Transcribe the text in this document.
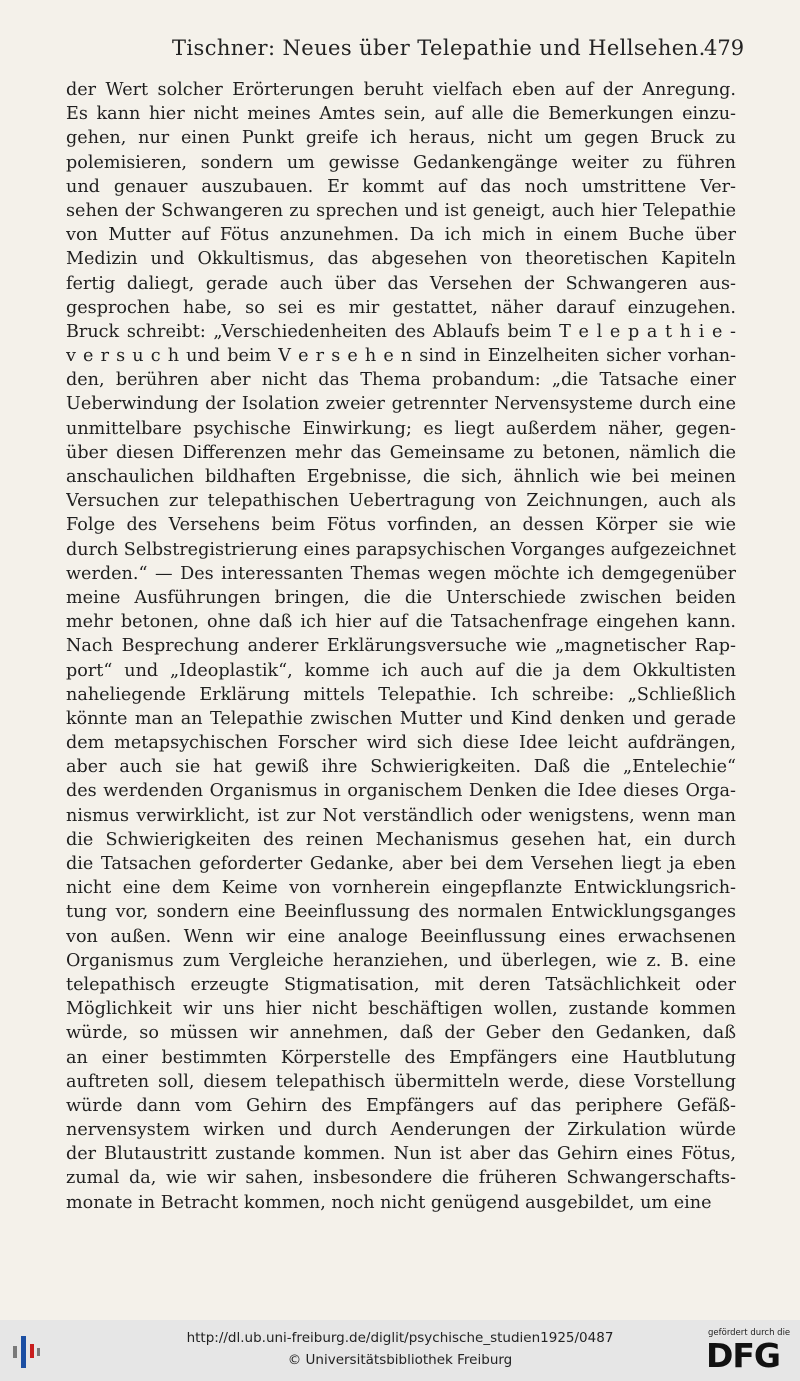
Tischner: Neues über Telepathie und Hellsehen.
479
der Wert solcher Erörterungen beruht vielfach eben auf der Anregung.
Es kann hier nicht meines Amtes sein, auf alle die Bemerkungen einzu-
gehen, nur einen Punkt greife ich heraus, nicht um gegen Bruck zu
polemisieren, sondern um gewisse Gedankengänge weiter zu führen
und genauer auszubauen. Er kommt auf das noch umstrittene Ver-
sehen der Schwangeren zu sprechen und ist geneigt, auch hier Telepathie
von Mutter auf Fötus anzunehmen. Da ich mich in einem Buche über
Medizin und Okkultismus, das abgesehen von theoretischen Kapiteln
fertig daliegt, gerade auch über das Versehen der Schwangeren aus-
gesprochen habe, so sei es mir gestattet, näher darauf einzugehen.
Bruck schreibt: „Verschiedenheiten des Ablaufs beim T e l e p a t h i e -
v e r s u c h und beim V e r s e h e n sind in Einzelheiten sicher vorhan-
den, berühren aber nicht das Thema probandum: „die Tatsache einer
Ueberwindung der Isolation zweier getrennter Nervensysteme durch eine
unmittelbare psychische Einwirkung; es liegt außerdem näher, gegen-
über diesen Differenzen mehr das Gemeinsame zu betonen, nämlich die
anschaulichen bildhaften Ergebnisse, die sich, ähnlich wie bei meinen
Versuchen zur telepathischen Uebertragung von Zeichnungen, auch als
Folge des Versehens beim Fötus vorfinden, an dessen Körper sie wie
durch Selbstregistrierung eines parapsychischen Vorganges aufgezeichnet
werden.“ — Des interessanten Themas wegen möchte ich demgegenüber
meine Ausführungen bringen, die die Unterschiede zwischen beiden
mehr betonen, ohne daß ich hier auf die Tatsachenfrage eingehen kann.
Nach Besprechung anderer Erklärungsversuche wie „magnetischer Rap-
port“ und „Ideoplastik“, komme ich auch auf die ja dem Okkultisten
naheliegende Erklärung mittels Telepathie. Ich schreibe: „Schließlich
könnte man an Telepathie zwischen Mutter und Kind denken und gerade
dem metapsychischen Forscher wird sich diese Idee leicht aufdrängen,
aber auch sie hat gewiß ihre Schwierigkeiten. Daß die „Entelechie“
des werdenden Organismus in organischem Denken die Idee dieses Orga-
nismus verwirklicht, ist zur Not verständlich oder wenigstens, wenn man
die Schwierigkeiten des reinen Mechanismus gesehen hat, ein durch
die Tatsachen geforderter Gedanke, aber bei dem Versehen liegt ja eben
nicht eine dem Keime von vornherein eingepflanzte Entwicklungsrich-
tung vor, sondern eine Beeinflussung des normalen Entwicklungsganges
von außen. Wenn wir eine analoge Beeinflussung eines erwachsenen
Organismus zum Vergleiche heranziehen, und überlegen, wie z. B. eine
telepathisch erzeugte Stigmatisation, mit deren Tatsächlichkeit oder
Möglichkeit wir uns hier nicht beschäftigen wollen, zustande kommen
würde, so müssen wir annehmen, daß der Geber den Gedanken, daß
an einer bestimmten Körperstelle des Empfängers eine Hautblutung
auftreten soll, diesem telepathisch übermitteln werde, diese Vorstellung
würde dann vom Gehirn des Empfängers auf das periphere Gefäß-
nervensystem wirken und durch Aenderungen der Zirkulation würde
der Blutaustritt zustande kommen. Nun ist aber das Gehirn eines Fötus,
zumal da, wie wir sahen, insbesondere die früheren Schwangerschafts-
monate in Betracht kommen, noch nicht genügend ausgebildet, um eine
http://dl.ub.uni-freiburg.de/diglit/psychische_studien1925/0487
© Universitätsbibliothek Freiburg
gefördert durch die
DFG
